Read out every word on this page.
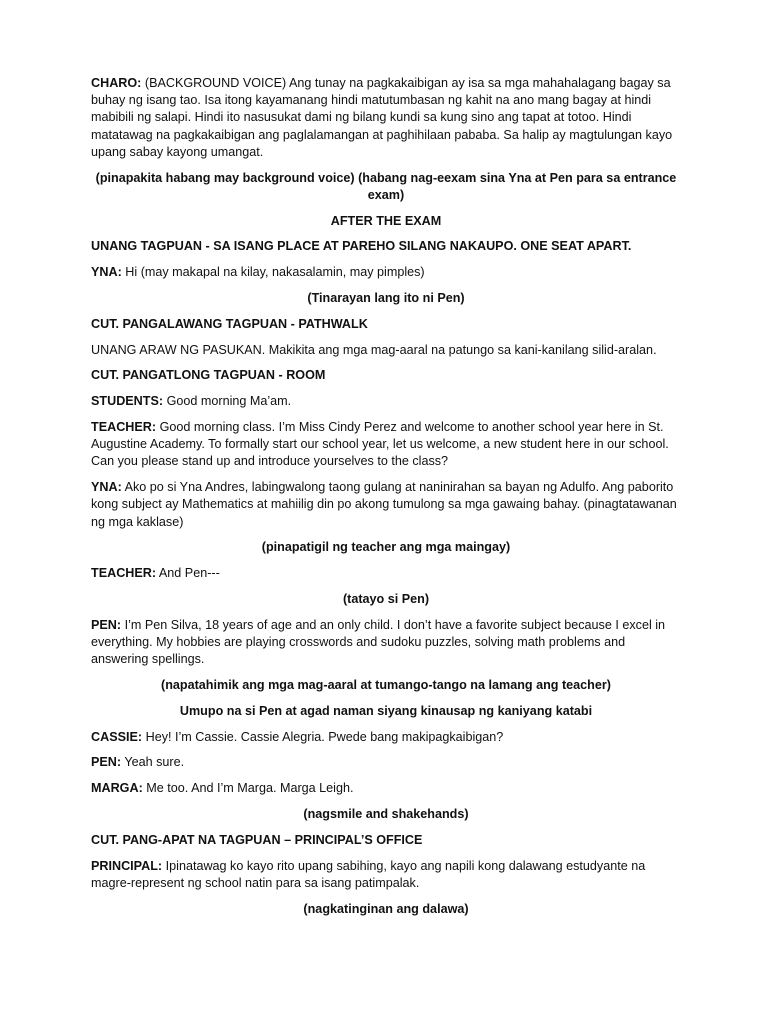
CHARO: (BACKGROUND VOICE) Ang tunay na pagkakaibigan ay isa sa mga mahahalagang bagay sa buhay ng isang tao. Isa itong kayamanang hindi matutumbasan ng kahit na ano mang bagay at hindi mabibili ng salapi. Hindi ito nasusukat dami ng bilang kundi sa kung sino ang tapat at totoo. Hindi matatawag na pagkakaibigan ang paglalamangan at paghihilaan pababa. Sa halip ay magtulungan kayo upang sabay kayong umangat.

(pinapakita habang may background voice) (habang nag-eexam sina Yna at Pen para sa entrance exam)

AFTER THE EXAM

UNANG TAGPUAN - SA ISANG PLACE AT PAREHO SILANG NAKAUPO. ONE SEAT APART.

YNA: Hi (may makapal na kilay, nakasalamin, may pimples)

(Tinarayan lang ito ni Pen)

CUT. PANGALAWANG TAGPUAN - PATHWALK

UNANG ARAW NG PASUKAN. Makikita ang mga mag-aaral na patungo sa kani-kanilang silid-aralan.

CUT. PANGATLONG TAGPUAN - ROOM

STUDENTS: Good morning Ma’am.

TEACHER: Good morning class. I’m Miss Cindy Perez and welcome to another school year here in St. Augustine Academy. To formally start our school year, let us welcome, a new student here in our school. Can you please stand up and introduce yourselves to the class?

YNA: Ako po si Yna Andres, labingwalong taong gulang at naninirahan sa bayan ng Adulfo. Ang paborito kong subject ay Mathematics at mahiilig din po akong tumulong sa mga gawaing bahay. (pinagtatawanan ng mga kaklase)

(pinapatigil ng teacher ang mga maingay)

TEACHER: And Pen---

(tatayo si Pen)

PEN: I’m Pen Silva, 18 years of age and an only child. I don’t have a favorite subject because I excel in everything. My hobbies are playing crosswords and sudoku puzzles, solving math problems and answering spellings.

(napatahimik ang mga mag-aaral at tumango-tango na lamang ang teacher)

Umupo na si Pen at agad naman siyang kinausap ng kaniyang katabi

CASSIE: Hey! I’m Cassie. Cassie Alegria. Pwede bang makipagkaibigan?

PEN: Yeah sure.

MARGA: Me too. And I’m Marga. Marga Leigh.

(nagsmile and shakehands)

CUT. PANG-APAT NA TAGPUAN – PRINCIPAL’S OFFICE

PRINCIPAL: Ipinatawag ko kayo rito upang sabihing, kayo ang napili kong dalawang estudyante na magre-represent ng school natin para sa isang patimpalak.

(nagkatinginan ang dalawa)
